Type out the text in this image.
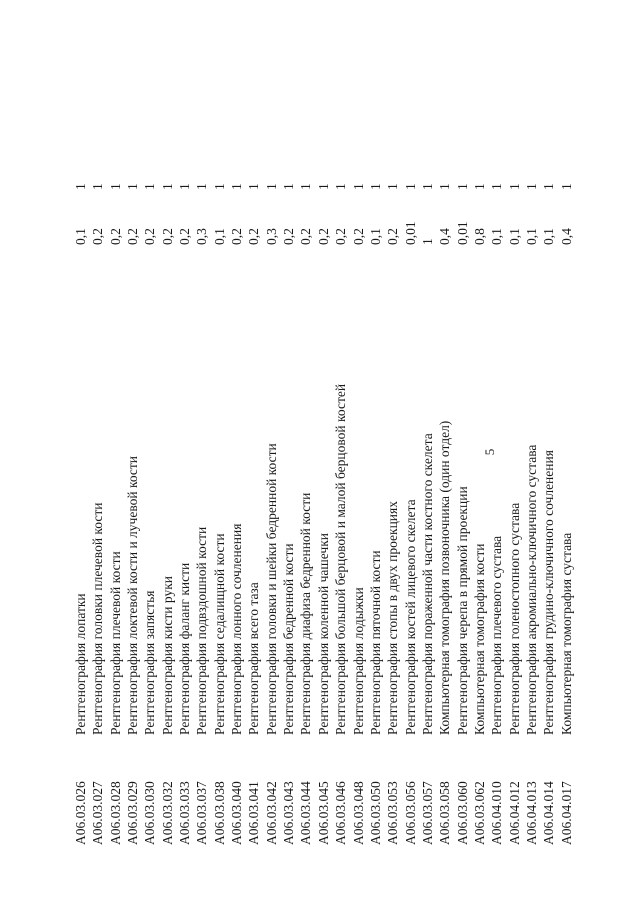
5
A06.03.026
Рентгенография лопатки
0,1
1
A06.03.027
Рентгенография головки плечевой кости
0,2
1
A06.03.028
Рентгенография плечевой кости
0,2
1
A06.03.029
Рентгенография локтевой кости и лучевой кости
0,2
1
A06.03.030
Рентгенография запястья
0,2
1
A06.03.032
Рентгенография кисти руки
0,2
1
A06.03.033
Рентгенография фаланг кисти
0,2
1
A06.03.037
Рентгенография подвздошной кости
0,3
1
A06.03.038
Рентгенография седалищной кости
0,1
1
A06.03.040
Рентгенография лонного сочленения
0,2
1
A06.03.041
Рентгенография всего таза
0,2
1
A06.03.042
Рентгенография головки и шейки бедренной кости
0,3
1
A06.03.043
Рентгенография бедренной кости
0,2
1
A06.03.044
Рентгенография диафиза бедренной кости
0,2
1
A06.03.045
Рентгенография коленной чашечки
0,2
1
A06.03.046
Рентгенография большой берцовой и малой берцовой костей
0,2
1
A06.03.048
Рентгенография лодыжки
0,2
1
A06.03.050
Рентгенография пяточной кости
0,1
1
A06.03.053
Рентгенография стопы в двух проекциях
0,2
1
A06.03.056
Рентгенография костей лицевого скелета
0,01
1
A06.03.057
Рентгенография пораженной части костного скелета
1
1
A06.03.058
Компьютерная томография позвоночника (один отдел)
0,4
1
A06.03.060
Рентгенография черепа в прямой проекции
0,01
1
A06.03.062
Компьютерная томография кости
0,8
1
A06.04.010
Рентгенография плечевого сустава
0,1
1
A06.04.012
Рентгенография голеностопного сустава
0,1
1
A06.04.013
Рентгенография акромиально-ключичного сустава
0,1
1
A06.04.014
Рентгенография грудино-ключичного сочленения
0,1
1
A06.04.017
Компьютерная томография сустава
0,4
1
